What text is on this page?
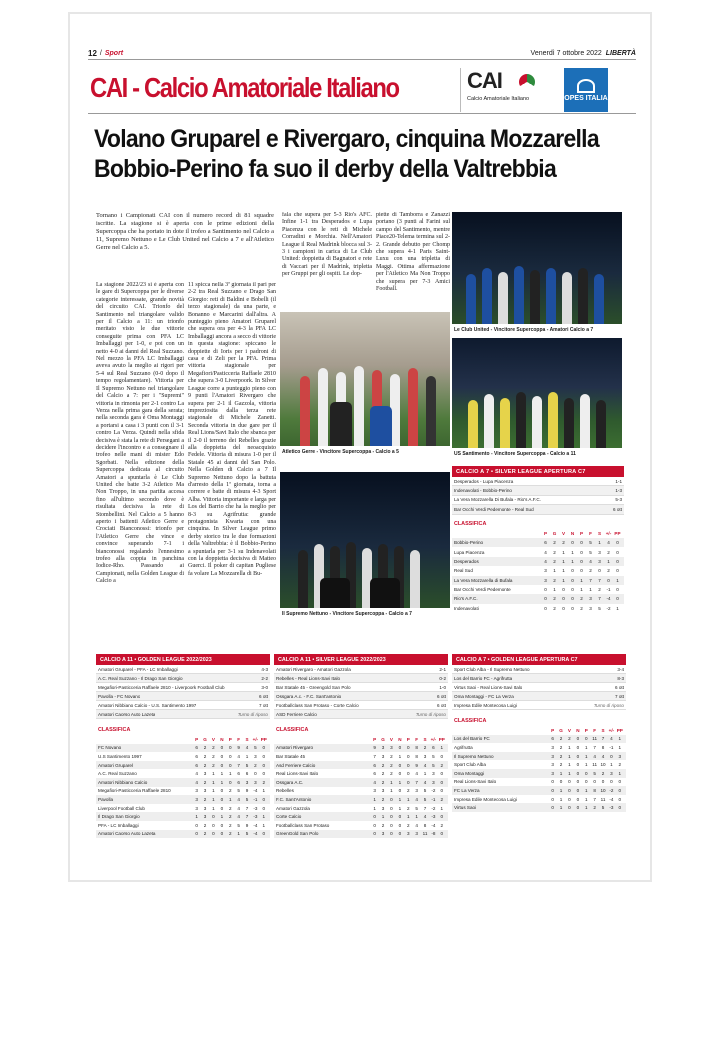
12 / Sport	Venerdì 7 ottobre 2022 LIBERTÀ
CAI - Calcio Amatoriale Italiano	CAI
Calcio Amatoriale Italiano	OPES ITALIA
Volano Gruparel e Rivergaro, cinquina Mozzarella
Bobbio-Perino fa suo il derby della Valtrebbia
Tornano i Campionati CAI con il numero record di 81 squadre iscritte. La stagione si è aperta con le prime edizioni della Supercoppa che ha portato in dote il trofeo a Santimento nel Calcio a 11, Supremo Nettuno e Le Club United nel Calcio a 7 e all'Atletico Gerre nel Calcio a 5.
La stagione 2022/23 si è aperta con le gare di Supercoppa per le diverse categorie interessate, grande novità del circuito CAI. Trionfo del Santimento nel triangolare valido per il Calcio a 11: un trionfo meritato visto le due vittorie conseguite prima con PFA LC Imballaggi per 1-0, e poi con un netto 4-0 ai danni del Real Suzzano. Nel mezzo la PFA LC Imballaggi aveva avuto la meglio ai rigori per 5-4 sul Real Suzzano (0-0 dopo il tempo regolamentare). Vittoria per Il Supremo Nettuno nel triangolare del Calcio a 7: per i "Supremi" vittoria in rimonta per 2-1 contro La Verza nella prima gara della serata; nella seconda gara è Oma Montaggi a portarsi a casa i 3 punti con il 3-1 contro La Verza. Quindi nella sfida decisiva è stata la rete di Persegani a decidere l'incontro e a consegnare il trofeo nelle mani di mister Edo Sgorbati. Nella edizione della Supercoppa dedicata al circuito Amatori a spuntarla è Le Club United che batte 3-2 Atletico Ma Non Troppo, in una partita accesa fino all'ultimo secondo dove è risultata decisiva la rete di Stombellini. Nel Calcio a 5 hanno aperto i battenti Atletico Gerre e Crociati Bianconossi: trionfo per l'Atletico Gerre che vince e convince superando 7-1 i bianconossi regalando l'ennesimo trofeo alla coppia in panchina Iodice-Rho. Passando ai Campionati, nella Golden League di Calcio a
11 spicca nella 3ª giornata il pari per 2-2 tra Real Suzzano e Drago San Giorgio: reti di Baldini e Bobelli (il terzo stagionale) da una parte, e Bonanno e Marcarini dall'altra. A punteggio pieno Amatori Gruparel che supera ora per 4-3 la PFA LC Imballaggi ancora a secco di vittorie in questa stagione: spiccano le doppiette di Ioris per i padroni di casa e di Zeli per la PFA. Prima vittoria stagionale per Megafiori/Pasticceria Raffaele 2810 che supera 3-0 Liverpoork. In Silver League corre a punteggio pieno con 9 punti l'Amatori Rivergaro che supera per 2-1 il Gazzola, vittoria impreziosita dalla terza rete stagionale di Michele Zanetti. Seconda vittoria in due gare per il Real Lions/Savi Italo che sbanca per il 2-0 il terreno dei Rebelles grazie alla doppietta del neoacquisto Fedele. Vittoria di misura 1-0 per il Statale 45 ai danni del San Polo. Nella Golden di Calcio a 7 Il Supremo Nettuno dopo la battuta d'arresto della 1ª giornata, torna a correre e batte di misura 4-3 Sport Alba. Vittoria importante e larga per Los del Barrio che ha la meglio per 8-3 su Agrifrutta: grande protagonista Kwarta con una cinquina. In Silver League primo derby storico tra le due formazioni della Valtrebbia: è il Bobbio-Perino a spuntarla per 3-1 su Indenavolati con la doppietta decisiva di Matteo Guerci. Il poker di capitan Pugliese fa volare La Mozzarella di Bu-
fala che supera per 5-3 Rio's AFC. Infine 1-1 tra Desperados e Lupa Piacenza con le reti di Michele Corradini e Morchia. Nell'Amatori League il Real Madrink blocca sul 3-3 i campioni in carica di Le Club United: doppietta di Bagnatori e rete di Vaccari per il Madrink, tripletta per Gruppi per gli ospiti. Le dop-
piette di Tamborra e Zanazzi portano (3 punti al Farini sul campo del Santimento, mentre Piace20-Telema termina sul 2-2. Grande debutto per Chomp che supera 4-1 Paris Saint-Luxu con una tripletta di Maggi. Ottima affermazione per l'Atletico Ma Non Troppo che supera per 7-3 Amici Football.
Atletico Gerre - Vincitore Supercoppa - Calcio a 5
Il Supremo Nettuno - Vincitore Supercoppa - Calcio a 7
Le Club United - Vincitore Supercoppa - Amatori Calcio a 7
US Santimento - Vincitore Supercoppa - Calcio a 11
CALCIO A 7 • SILVER LEAGUE APERTURA C7
Desperados - Lupa Piacenza	1-1
Indenavolati - Bobbio-Perino	1-3
La Vera Mozzarella Di Bufala - Rio's A.F.C.	5-3
Bar Occhi Verdi Pedemonte - Real Sud	6 ott
CLASSIFICA
P	G	V	N	P	F	S	+/- PP
Bobbio-Perino	6	2	2	0	0	5	1	4	0
Lupa Piacenza	4	2	1	1	0	5	3	2	0
Desperados	4	2	1	1	0	4	3	1	0
Real Sud	3	1	1	0	0	2	0	2	0
La Vera Mozzarella di Bufala	3	2	1	0	1	7	7	0	1
Bar Occhi Verdi Pedemonte	0	1	0	0	1	1	2	-1	0
Rio's A.F.C.	0	2	0	0	2	3	7	-4	0
Indenavolati	0	2	0	0	2	3	5	-2	1
CALCIO A 11 • GOLDEN LEAGUE 2022/2023
Amatori Gruparel - PFA - LC Imballaggi	4-3
A.C. Real Suzzano - Il Drago San Giorgio	2-2
Megafiori-Pasticceria Raffaele 2810 - Liverpoork Football Club	3-0
Pavolla - FC Novano	6 ott
Amatori Nibbiano Calcio - U.S. Santimento 1997	7 ott
Amatori Caorso Auto Lazeta	Turno di riposo
CLASSIFICA
P	G	V	N	P	F	S +/- PP
FC Novano	6	2	2	0	0	9	4	5	0
U.S Santimento 1997	6	2	2	0	0	4	1	3	0
Amatori Gruparel	6	2	2	0	0	7	5	2	0
A.C. Real Suzzano	4	3	1	1	1	6	6	0	0
Amatori Nibbiano Calcio	4	2	1	1	0	6	3	3	2
Megafiori-Pasticceria Raffaele 2810	3	3	1	0	2	5	9	-4	1
Pavolla	3	2	1	0	1	4	5	-1	0
Liverpool Football Club	3	3	1	0	2	4	7	-3	0
Il Drago San Giorgio	1	3	0	1	2	4	7	-3	1
PFA - LC Imballaggi	0	2	0	0	2	5	9	-4	1
Amatori Caorso Auto Lazeta	0	2	0	0	2	1	5	-4	0
CALCIO A 11 • SILVER LEAGUE 2022/2023
Amatori Rivergaro - Amatori Gazzola	2-1
Rebelles - Real Lions-Savi Italo	0-2
Bar Statale 45 - Greengold San Polo	1-0
Ossgara A.c. - F.C. Sant'antonio	6 ott
Footballclass San Protaso - Corte Calcio	6 ott
ASD Ferriere Calcio	Turno di riposo
CLASSIFICA
P	G	V	N	P	F	S +/- PP
Amatori Rivergaro	9	3	3	0	0	8	2	6	1
Bar Statale 45	7	3	2	1	0	8	3	5	0
Asd Ferriere Calcio	6	2	2	0	0	9	4	5	2
Real Lions-Savi Italo	6	2	2	0	0	4	1	3	0
Ossgara A.C.	4	2	1	1	0	7	4	3	0
Rebelles	3	3	1	0	2	3	5	-2	0
F.C. Sant'Antonio	1	2	0	1	1	4	5	-1	2
Amatori Gazzola	1	3	0	1	2	5	7	-2	1
Corte Calcio	0	1	0	0	1	1	4	-3	0
Footballclass San Protaso	0	2	0	0	2	4	8	-4	2
GreenGold San Polo	0	3	0	0	3	3	11 -8	0
CALCIO A 7 • GOLDEN LEAGUE APERTURA C7
Sport Club Alba - Il Supremo Nettuno	3-4
Los del Barrio FC - Agrifrutta	8-3
Virtus Saoi - Real Lions-Savi Italo	6 ott
Oma Montaggi - FC La Verza	7 ott
Impresa Edile Montecosa Luigi	Turno di riposo
CLASSIFICA
P	G	V	N	P	F	S +/- PP
Los del Barrio FC	6	2	2	0	0	11	7	4	1
Agrifrutta	3	2	1	0	1	7	8	-1	1
Il Supremo Nettuno	3	2	1	0	1	4	4	0	3
Sport Club Alba	3	2	1	0	1	11 10 1	2
Oma Montaggi	3	1	1	0	0	5	2	3	1
Real Lions-Savi Italo	0	0	0	0	0	0	0	0	0
FC La Verza	0	1	0	0	1	8 10 -2	0
Impresa Edile Montecosa Luigi	0	1	0	0	1	7	11 -4	0
Virtus Saoi	0	1	0	0	1	2	5	-3	0
